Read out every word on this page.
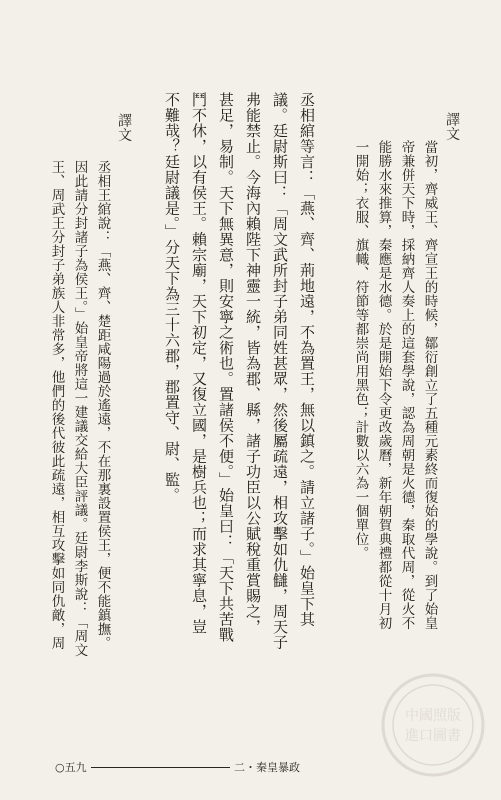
譯文
當初，齊威王、齊宣王的時候，鄒衍創立了五種元素終而復始的學說。到了始皇
帝兼併天下時，採納齊人奏上的這套學說，認為周朝是火德，秦取代周，從火不
能勝水來推算，秦應是水德。於是開始下令更改歲曆，新年朝賀典禮都從十月初
一開始；衣服、旗幟、符節等都崇尚用黑色；計數以六為一個單位。
丞相綰等言：「燕、齊、荊地遠，不為置王，無以鎮之。請立諸子。」始皇下其
議。廷尉斯曰：「周文武所封子弟同姓甚眾，然後屬疏遠，相攻擊如仇讎，周天子
弗能禁止。今海內賴陛下神靈一統，皆為郡、縣，諸子功臣以公賦稅重賞賜之，
甚足，易制。天下無異意，則安寧之術也。置諸侯不便。」始皇曰：「天下共苦戰
鬥不休，以有侯王。賴宗廟，天下初定，又復立國，是樹兵也；而求其寧息，豈
不難哉？廷尉議是。」分天下為三十六郡，郡置守、尉、監。
譯文
丞相王綰說：「燕、齊、楚距咸陽過於遙遠，不在那裏設置侯王，便不能鎮撫。
因此請分封諸子為侯王。」始皇帝將這一建議交給大臣評議。廷尉李斯說：「周文
王、周武王分封子弟族人非常多，他們的後代彼此疏遠，相互攻擊如同仇敵，周
○五九	二・秦皇暴政
中國照版
進口圖書
